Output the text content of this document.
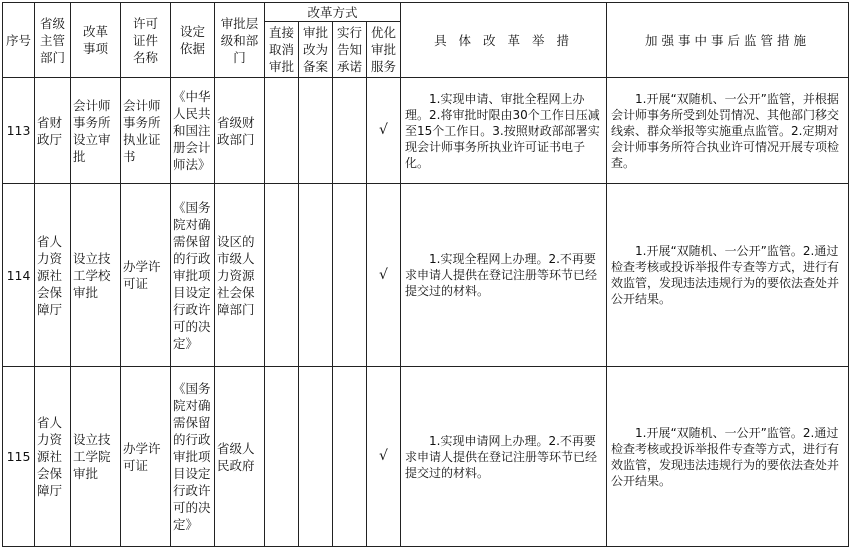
序号	省级主管部门	改革事项	许可证件名称	设定依据	审批层级和部门	改革方式				具 体 改 革 举 措	加强事中事后监管措施
						直接取消审批	审批改为备案	实行告知承诺	优化审批服务		
113	省财政厅	会计师事务所设立审批	会计师事务所执业证书	《中华人民共和国注册会计师法》	省级财政部门				√	1.实现申请、审批全程网上办理。2.将审批时限由30个工作日压减至15个工作日。3.按照财政部部署实现会计师事务所执业许可证书电子化。	1.开展“双随机、一公开”监管，并根据会计师事务所受到处罚情况、其他部门移交线索、群众举报等实施重点监管。2.定期对会计师事务所符合执业许可情况开展专项检查。

114	省人力资源社会保障厅	设立技工学校审批	办学许可证	《国务院对确需保留的行政审批项目设定行政许可的决定》	设区的市级人力资源社会保障部门				√	1.实现全程网上办理。2.不再要求申请人提供在登记注册等环节已经提交过的材料。	1.开展“双随机、一公开”监管。2.通过检查考核或投诉举报件专查等方式，进行有效监管，发现违法违规行为的要依法查处并公开结果。

115	省人力资源社会保障厅	设立技工学院审批	办学许可证	《国务院对确需保留的行政审批项目设定行政许可的决定》	省级人民政府				√	1.实现申请网上办理。2.不再要求申请人提供在登记注册等环节已经提交过的材料。	1.开展“双随机、一公开”监管。2.通过检查考核或投诉举报件专查等方式，进行有效监管，发现违法违规行为的要依法查处并公开结果。
